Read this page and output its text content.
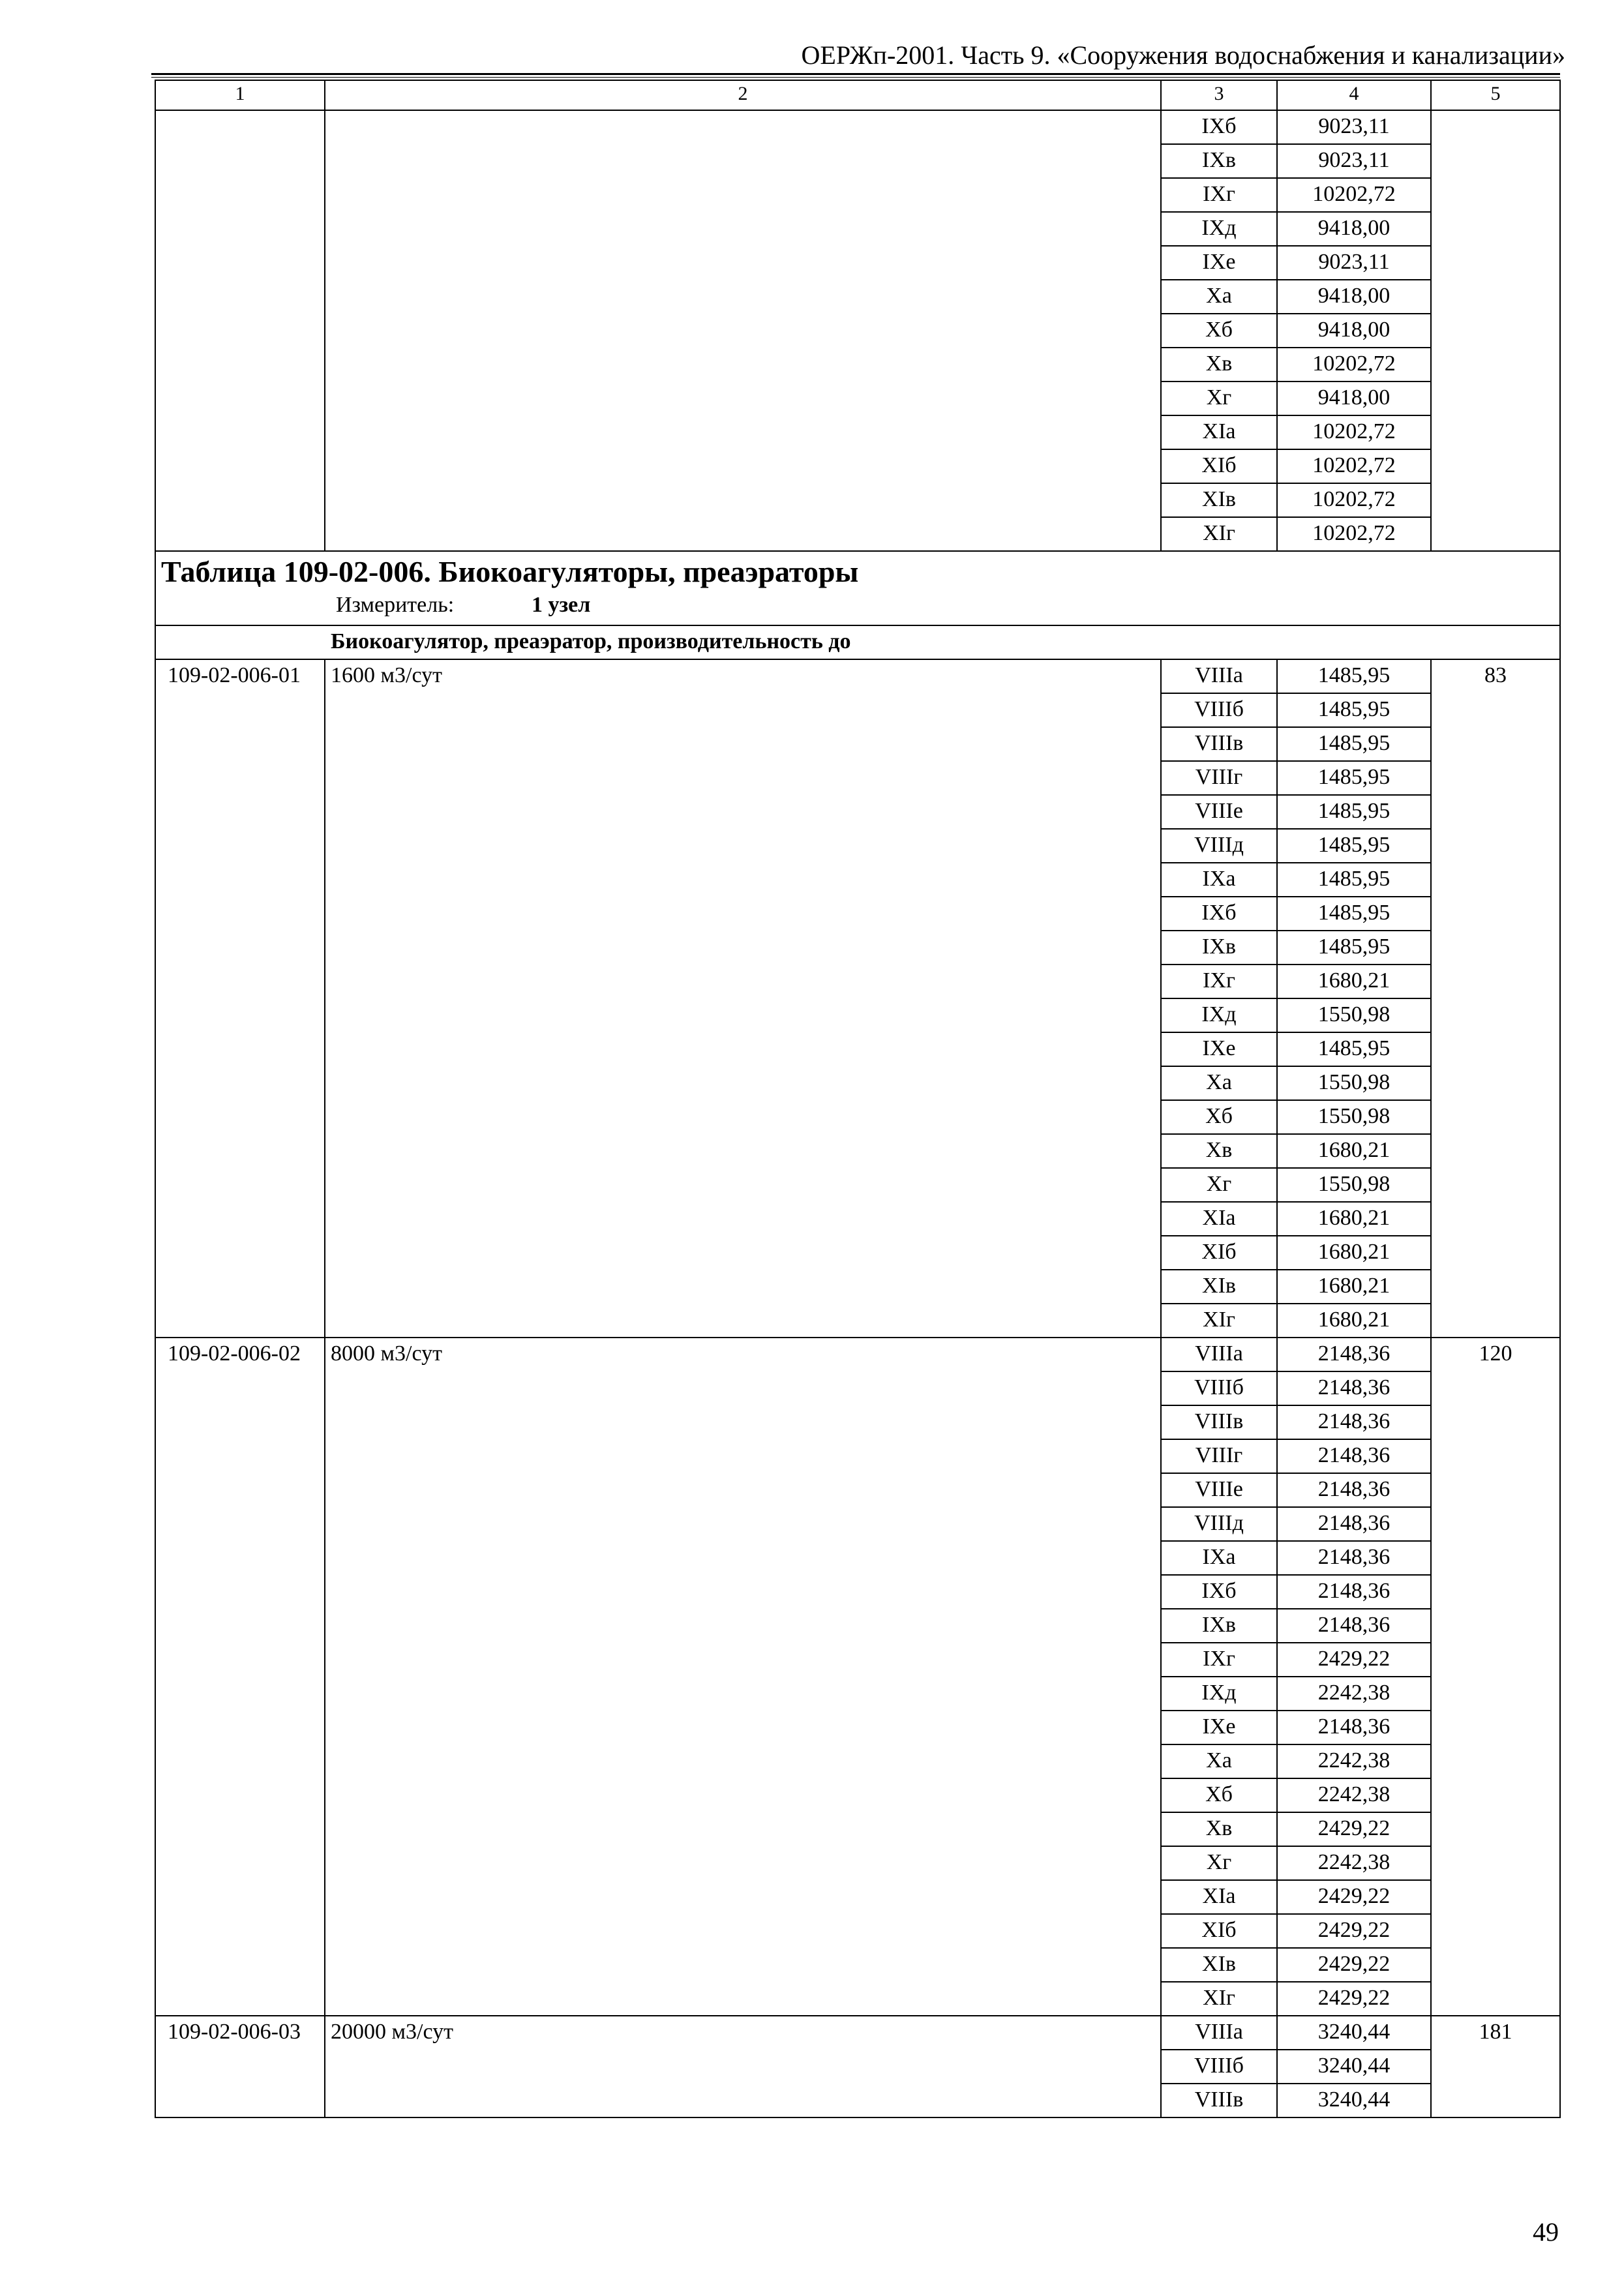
ОЕРЖп-2001. Часть 9. «Сооружения водоснабжения и канализации»
1	2	3	4	5
		IXб	9023,11	
		IXв	9023,11	
		IXг	10202,72	
		IXд	9418,00	
		IXе	9023,11	
		Xа	9418,00	
		Xб	9418,00	
		Xв	10202,72	
		Xг	9418,00	
		XIа	10202,72	
		XIб	10202,72	
		XIв	10202,72	
		XIг	10202,72	

Таблица 109-02-006. Биокоагуляторы, преаэраторы
Измеритель: 1 узел				

Биокоагулятор, преаэратор, производительность до				
109-02-006-01	1600 м3/сут	VIIIа	1485,95	83
		VIIIб	1485,95	
		VIIIв	1485,95	
		VIIIг	1485,95	
		VIIIе	1485,95	
		VIIIд	1485,95	
		IXа	1485,95	
		IXб	1485,95	
		IXв	1485,95	
		IXг	1680,21	
		IXд	1550,98	
		IXе	1485,95	
		Xа	1550,98	
		Xб	1550,98	
		Xв	1680,21	
		Xг	1550,98	
		XIа	1680,21	
		XIб	1680,21	
		XIв	1680,21	
		XIг	1680,21	
109-02-006-02	8000 м3/сут	VIIIа	2148,36	120
		VIIIб	2148,36	
		VIIIв	2148,36	
		VIIIг	2148,36	
		VIIIе	2148,36	
		VIIIд	2148,36	
		IXа	2148,36	
		IXб	2148,36	
		IXв	2148,36	
		IXг	2429,22	
		IXд	2242,38	
		IXе	2148,36	
		Xа	2242,38	
		Xб	2242,38	
		Xв	2429,22	
		Xг	2242,38	
		XIа	2429,22	
		XIб	2429,22	
		XIв	2429,22	
		XIг	2429,22	
109-02-006-03	20000 м3/сут	VIIIа	3240,44	181
		VIIIб	3240,44	
		VIIIв	3240,44	
49
